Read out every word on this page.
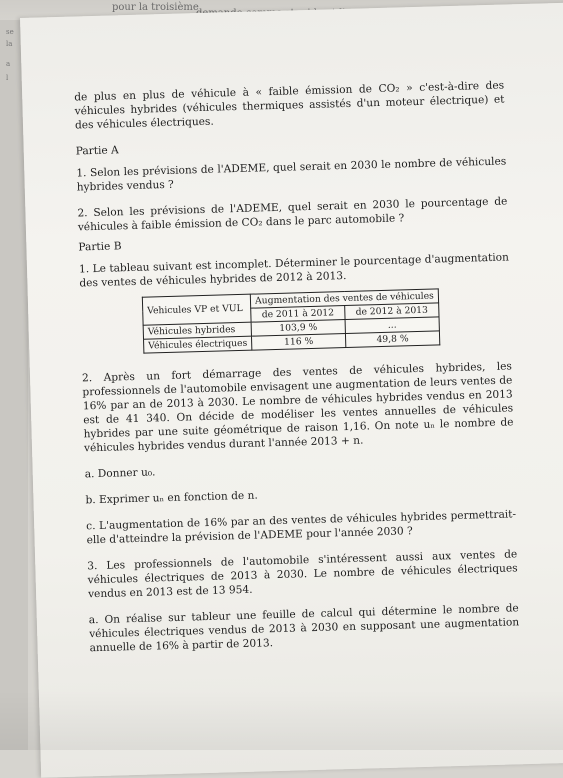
pour la troisième
se
la
a
l

de plus en plus de véhicule à « faible émission de CO₂ » c'est-à-dire des véhicules hybrides (véhicules thermiques assistés d'un moteur électrique) et des véhicules électriques.

Partie A

1. Selon les prévisions de l'ADEME, quel serait en 2030 le nombre de véhicules hybrides vendus ?

2. Selon les prévisions de l'ADEME, quel serait en 2030 le pourcentage de véhicules à faible émission de CO₂ dans le parc automobile ?

Partie B

1. Le tableau suivant est incomplet. Déterminer le pourcentage d'augmentation des ventes de véhicules hybrides de 2012 à 2013.

Vehicules VP et VUL	Augmentation des ventes de véhicules	
	de 2011 à 2012	de 2012 à 2013
Véhicules hybrides	103,9 %	...
Véhicules électriques	116 %	49,8 %

2. Après un fort démarrage des ventes de véhicules hybrides, les professionnels de l'automobile envisagent une augmentation de leurs ventes de 16% par an de 2013 à 2030. Le nombre de véhicules hybrides vendus en 2013 est de 41 340. On décide de modéliser les ventes annuelles de véhicules hybrides par une suite géométrique de raison 1,16. On note uₙ le nombre de véhicules hybrides vendus durant l'année 2013 + n.

a. Donner u₀.

b. Exprimer uₙ en fonction de n.

c. L'augmentation de 16% par an des ventes de véhicules hybrides permettrait-elle d'atteindre la prévision de l'ADEME pour l'année 2030 ?

3. Les professionnels de l'automobile s'intéressent aussi aux ventes de véhicules électriques de 2013 à 2030. Le nombre de véhicules électriques vendus en 2013 est de 13 954.

a. On réalise sur tableur une feuille de calcul qui détermine le nombre de véhicules électriques vendus de 2013 à 2030 en supposant une augmentation annuelle de 16% à partir de 2013.
